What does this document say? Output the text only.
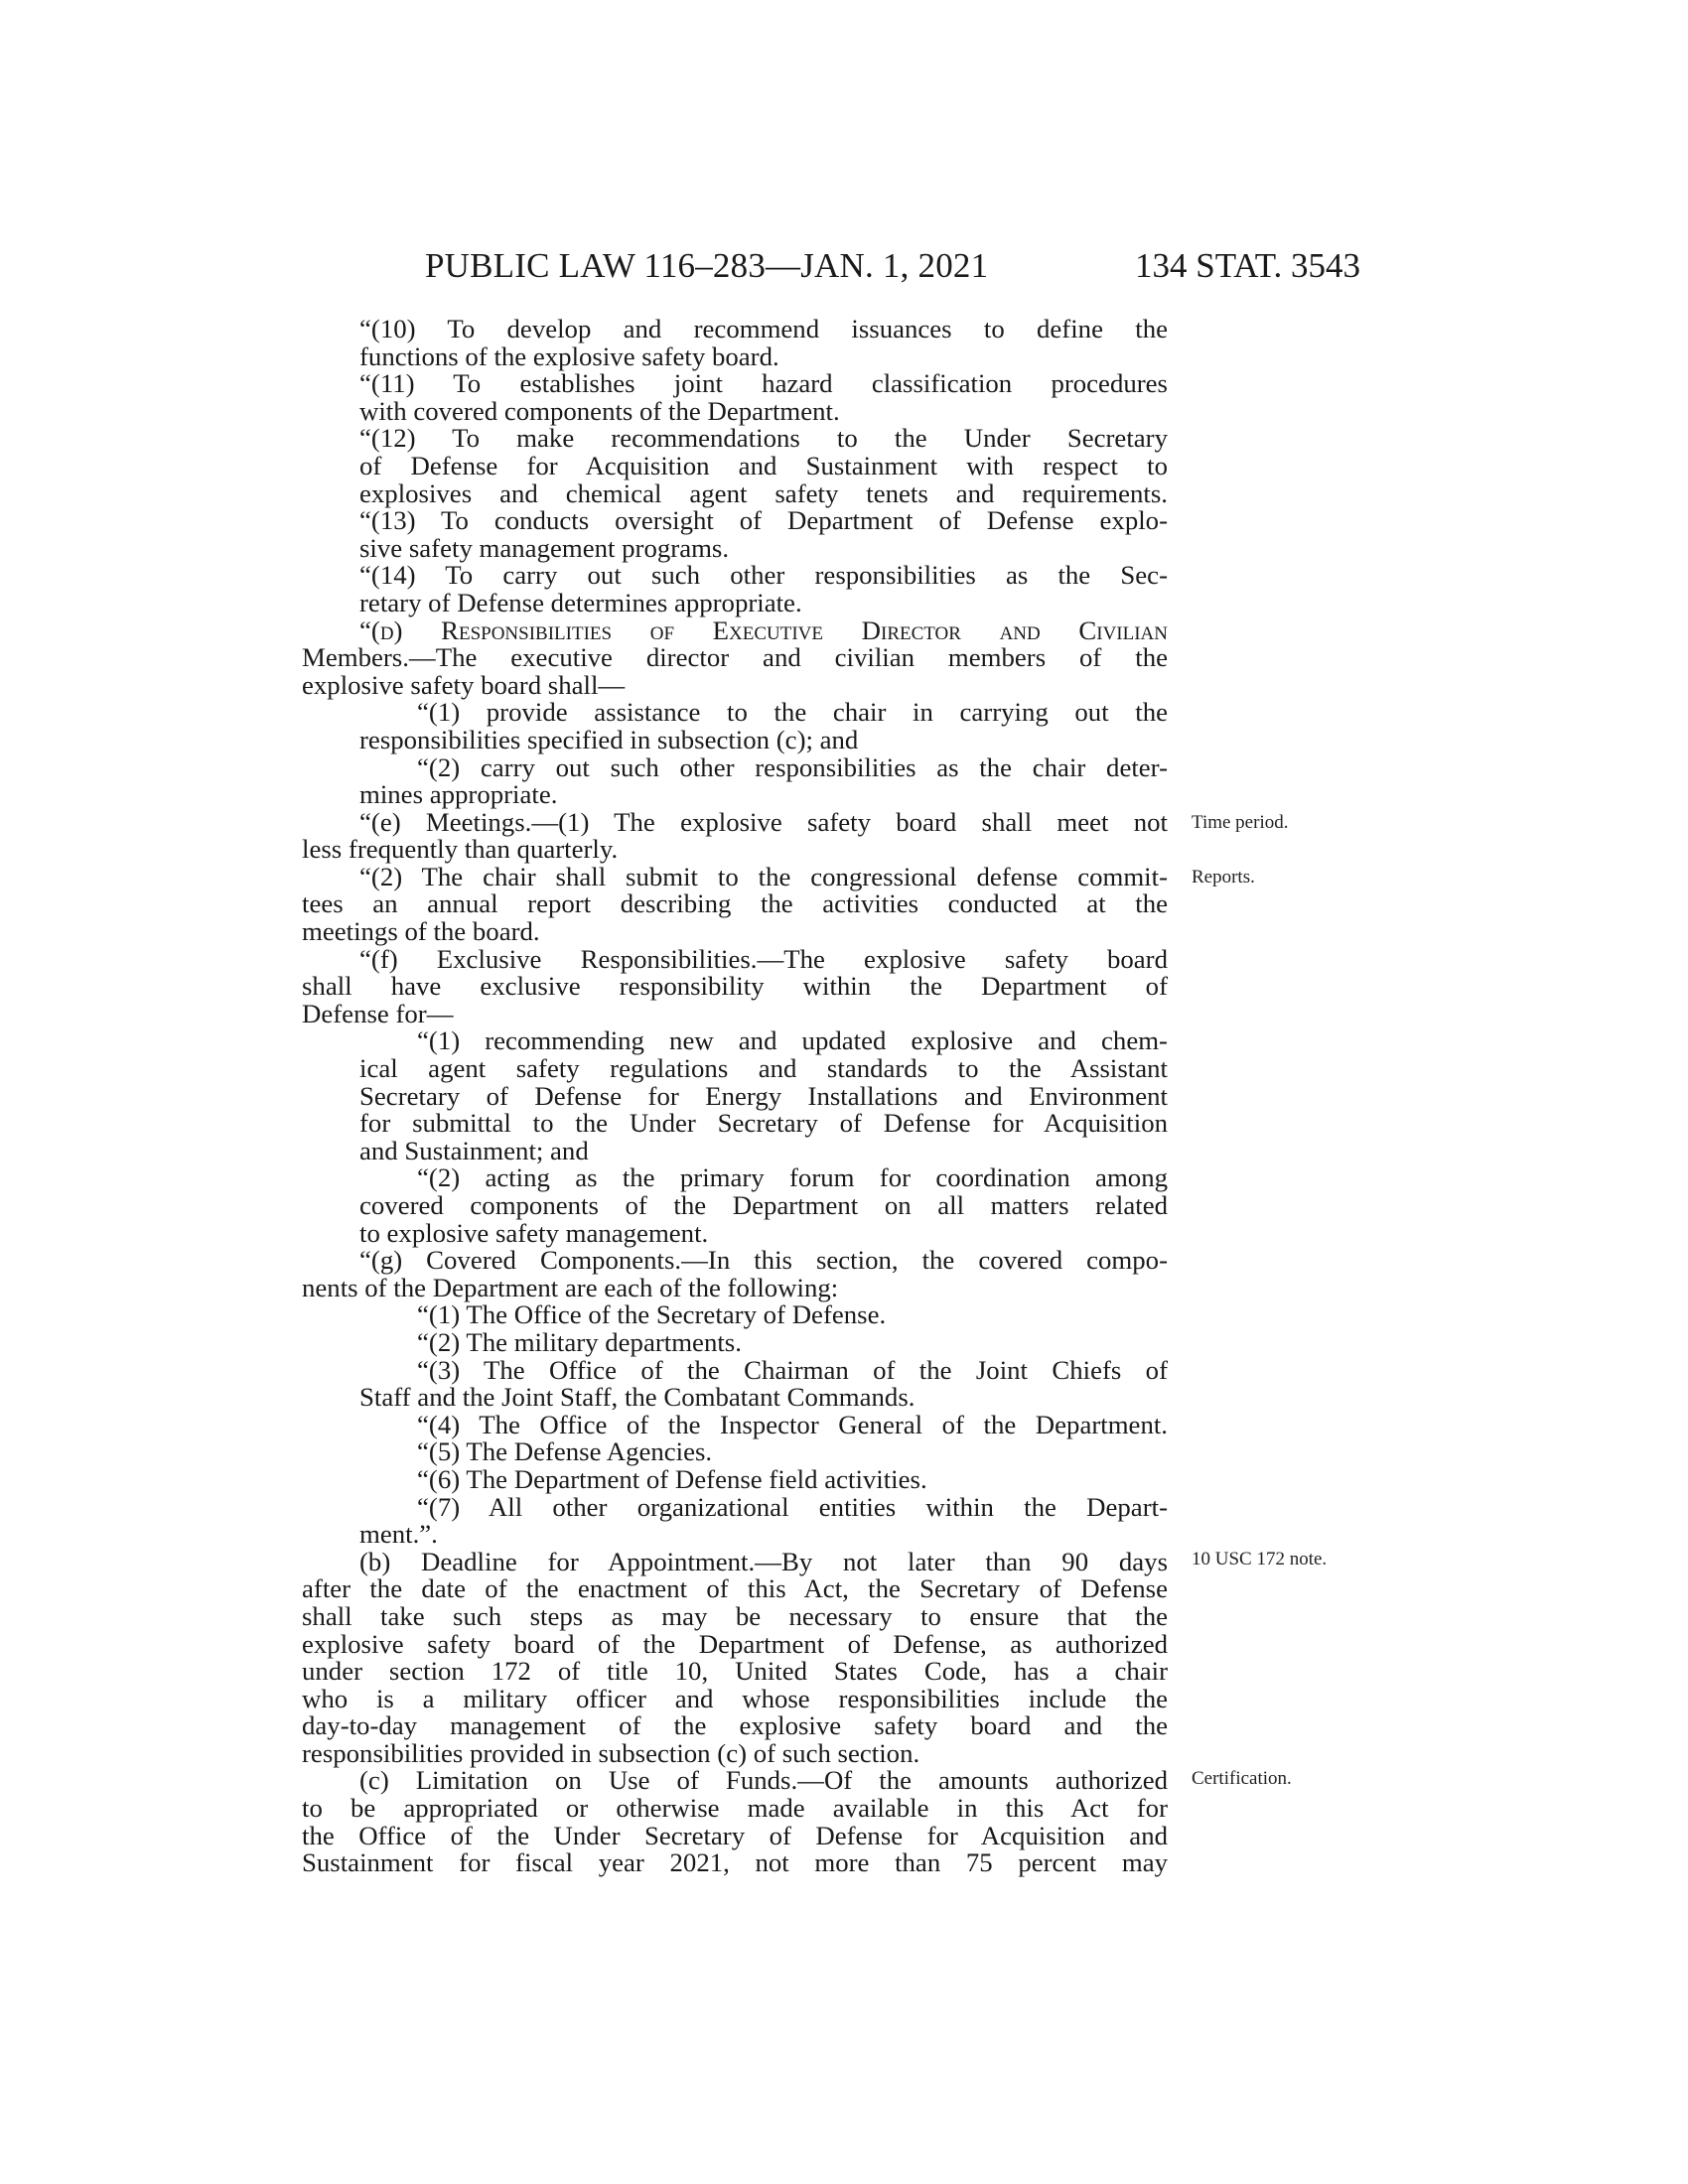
PUBLIC LAW 116–283—JAN. 1, 2021	134 STAT. 3543
“(10) To develop and recommend issuances to define the
functions of the explosive safety board.
“(11) To establishes joint hazard classification procedures
with covered components of the Department.
“(12) To make recommendations to the Under Secretary
of Defense for Acquisition and Sustainment with respect to
explosives and chemical agent safety tenets and requirements.
“(13) To conducts oversight of Department of Defense explo-
sive safety management programs.
“(14) To carry out such other responsibilities as the Sec-
retary of Defense determines appropriate.
“(d) Responsibilities of Executive Director and Civilian
Members.—The executive director and civilian members of the
explosive safety board shall—
“(1) provide assistance to the chair in carrying out the
responsibilities specified in subsection (c); and
“(2) carry out such other responsibilities as the chair deter-
mines appropriate.
“(e) Meetings.—(1) The explosive safety board shall meet not
less frequently than quarterly.
“(2) The chair shall submit to the congressional defense commit-
tees an annual report describing the activities conducted at the
meetings of the board.
“(f) Exclusive Responsibilities.—The explosive safety board
shall have exclusive responsibility within the Department of
Defense for—
“(1) recommending new and updated explosive and chem-
ical agent safety regulations and standards to the Assistant
Secretary of Defense for Energy Installations and Environment
for submittal to the Under Secretary of Defense for Acquisition
and Sustainment; and
“(2) acting as the primary forum for coordination among
covered components of the Department on all matters related
to explosive safety management.
“(g) Covered Components.—In this section, the covered compo-
nents of the Department are each of the following:
“(1) The Office of the Secretary of Defense.
“(2) The military departments.
“(3) The Office of the Chairman of the Joint Chiefs of
Staff and the Joint Staff, the Combatant Commands.
“(4) The Office of the Inspector General of the Department.
“(5) The Defense Agencies.
“(6) The Department of Defense field activities.
“(7) All other organizational entities within the Depart-
ment.”.
(b) Deadline for Appointment.—By not later than 90 days
after the date of the enactment of this Act, the Secretary of Defense
shall take such steps as may be necessary to ensure that the
explosive safety board of the Department of Defense, as authorized
under section 172 of title 10, United States Code, has a chair
who is a military officer and whose responsibilities include the
day-to-day management of the explosive safety board and the
responsibilities provided in subsection (c) of such section.
(c) Limitation on Use of Funds.—Of the amounts authorized
to be appropriated or otherwise made available in this Act for
the Office of the Under Secretary of Defense for Acquisition and
Sustainment for fiscal year 2021, not more than 75 percent may
Time period.
Reports.
10 USC 172 note.
Certification.
